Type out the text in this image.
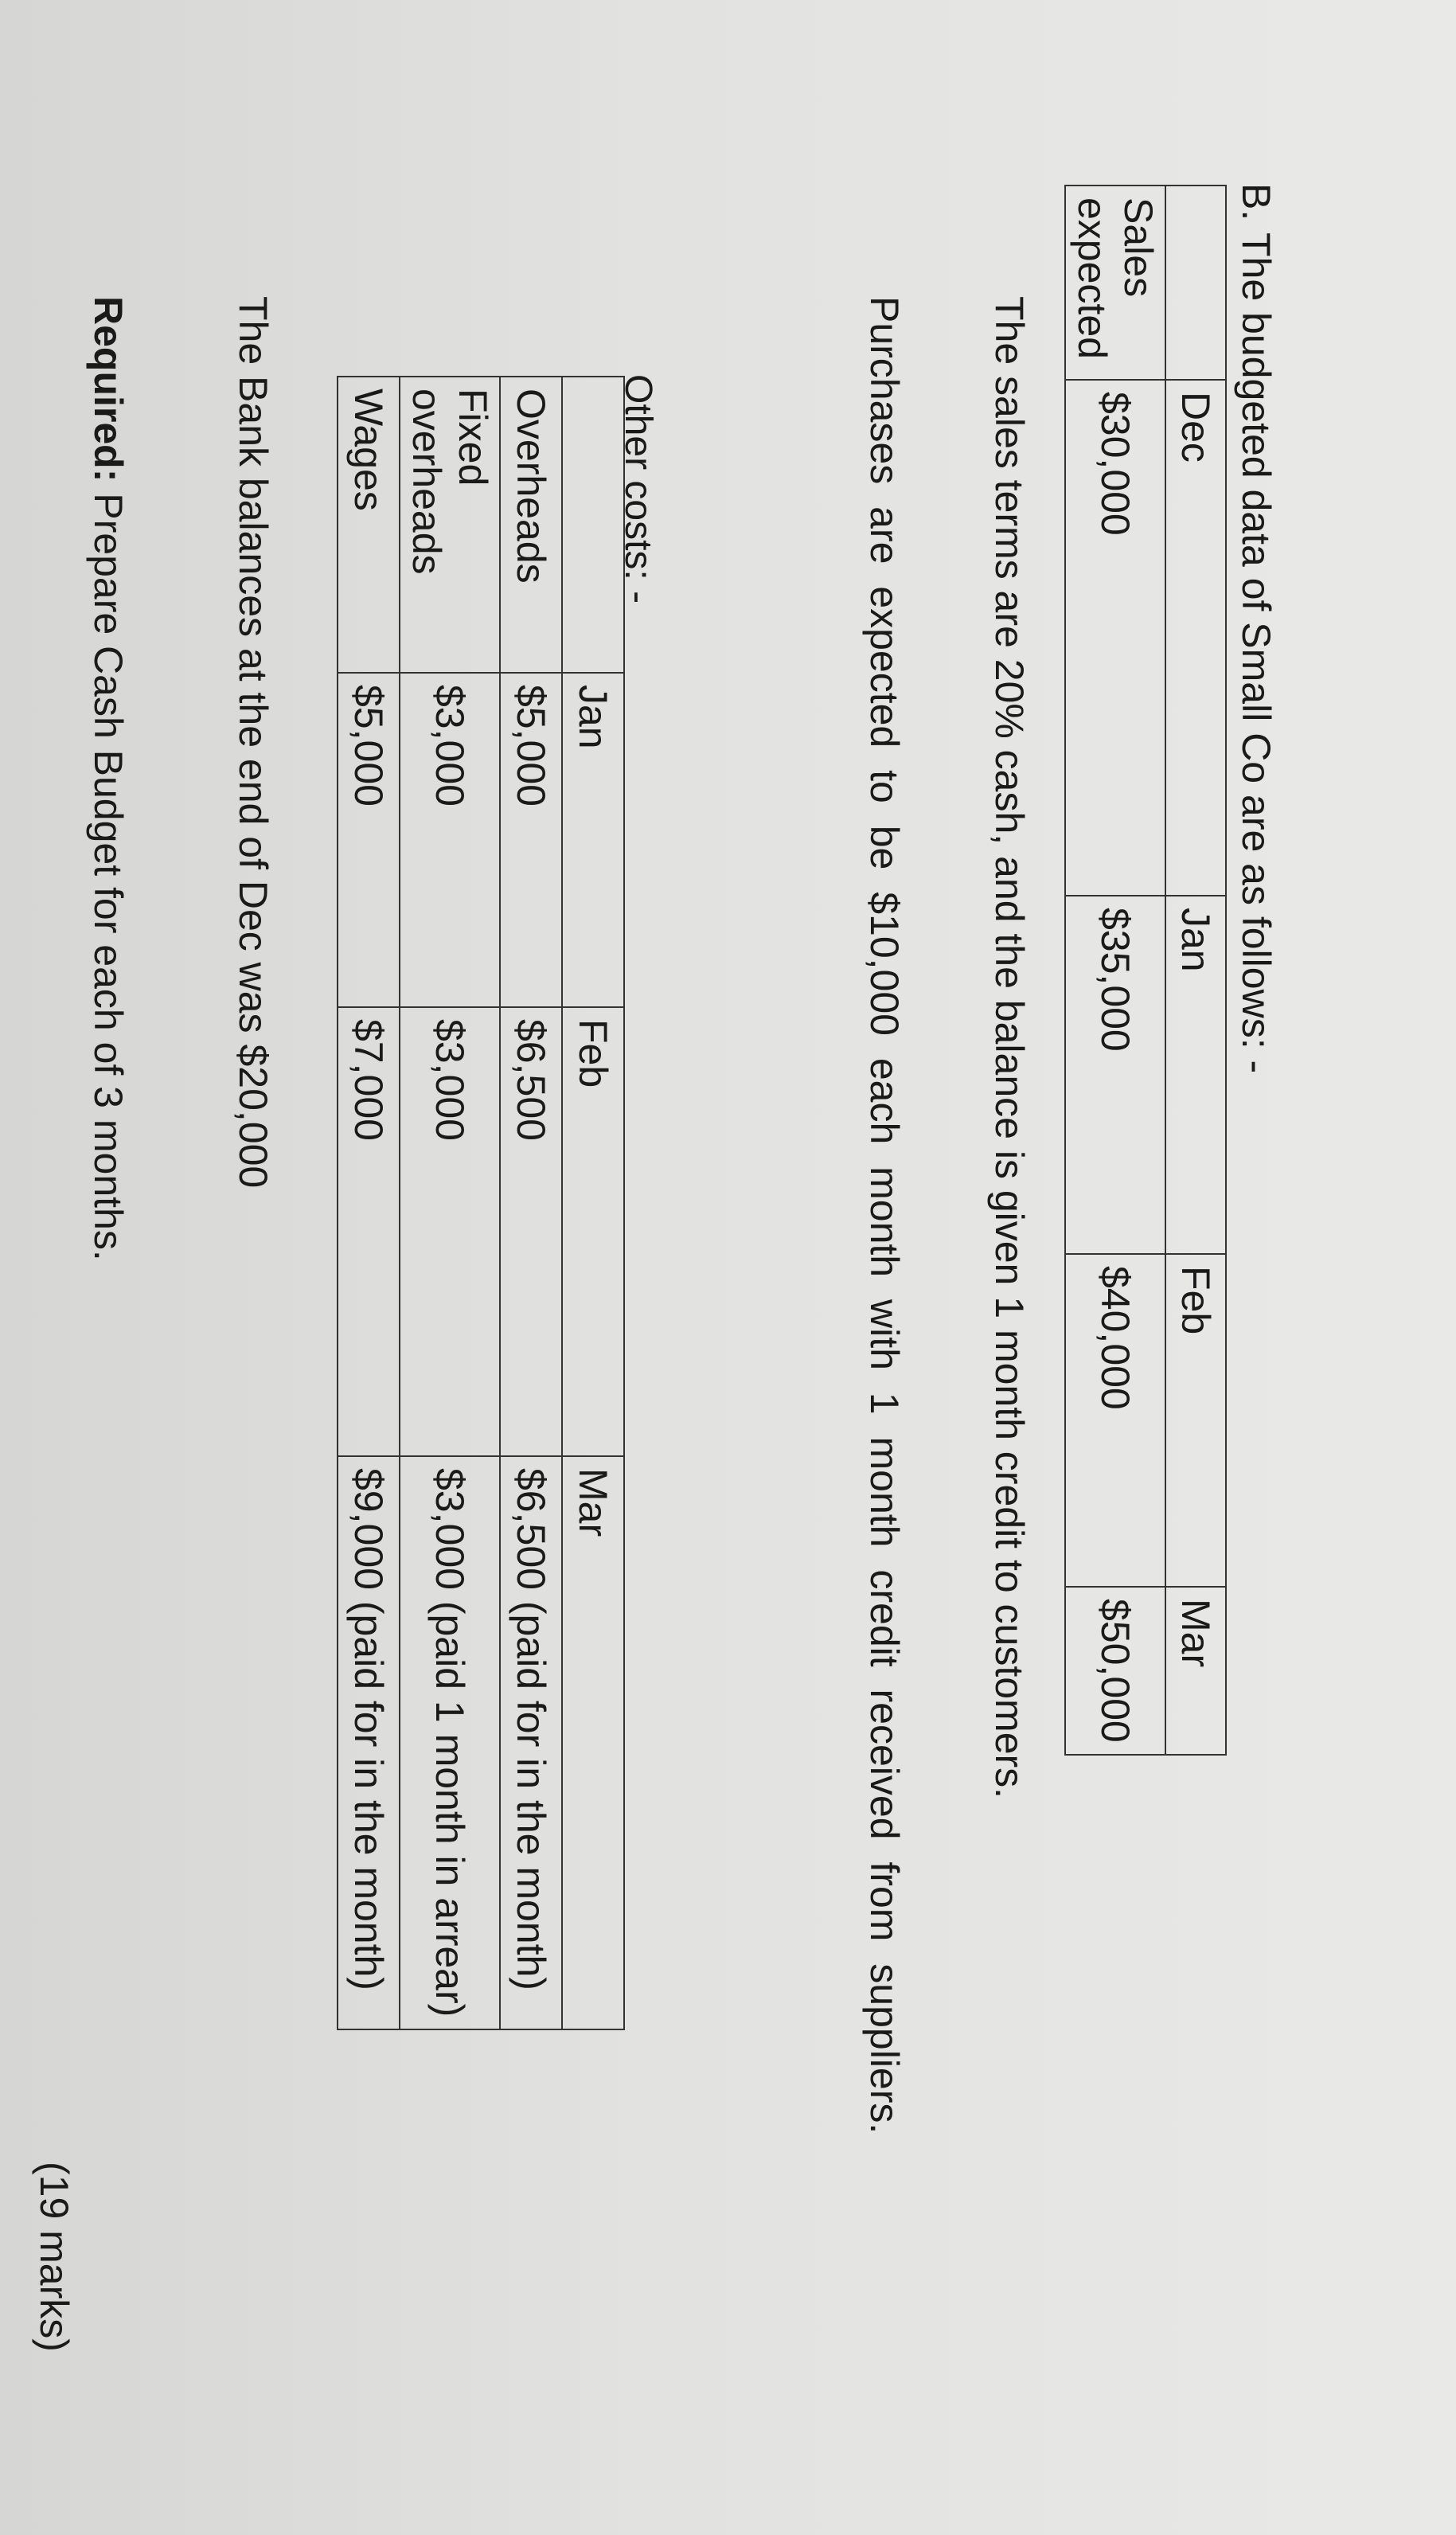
B.The budgeted data of Small Co are as follows: -
	Dec	Jan	Feb	Mar
Sales expected	$30,000	$35,000	$40,000	$50,000
The sales terms are 20% cash, and the balance is given 1 month credit to customers.
Purchases are expected to be $10,000 each month with 1 month credit received from suppliers.
Other costs: -
	Jan	Feb	Mar
Overheads	$5,000	$6,500	$6,500 (paid for in the month)
Fixed overheads	$3,000	$3,000	$3,000 (paid 1 month in arrear)
Wages	$5,000	$7,000	$9,000 (paid for in the month)
The Bank balances at the end of Dec was $20,000
Required: Prepare Cash Budget for each of 3 months.
(19 marks)
